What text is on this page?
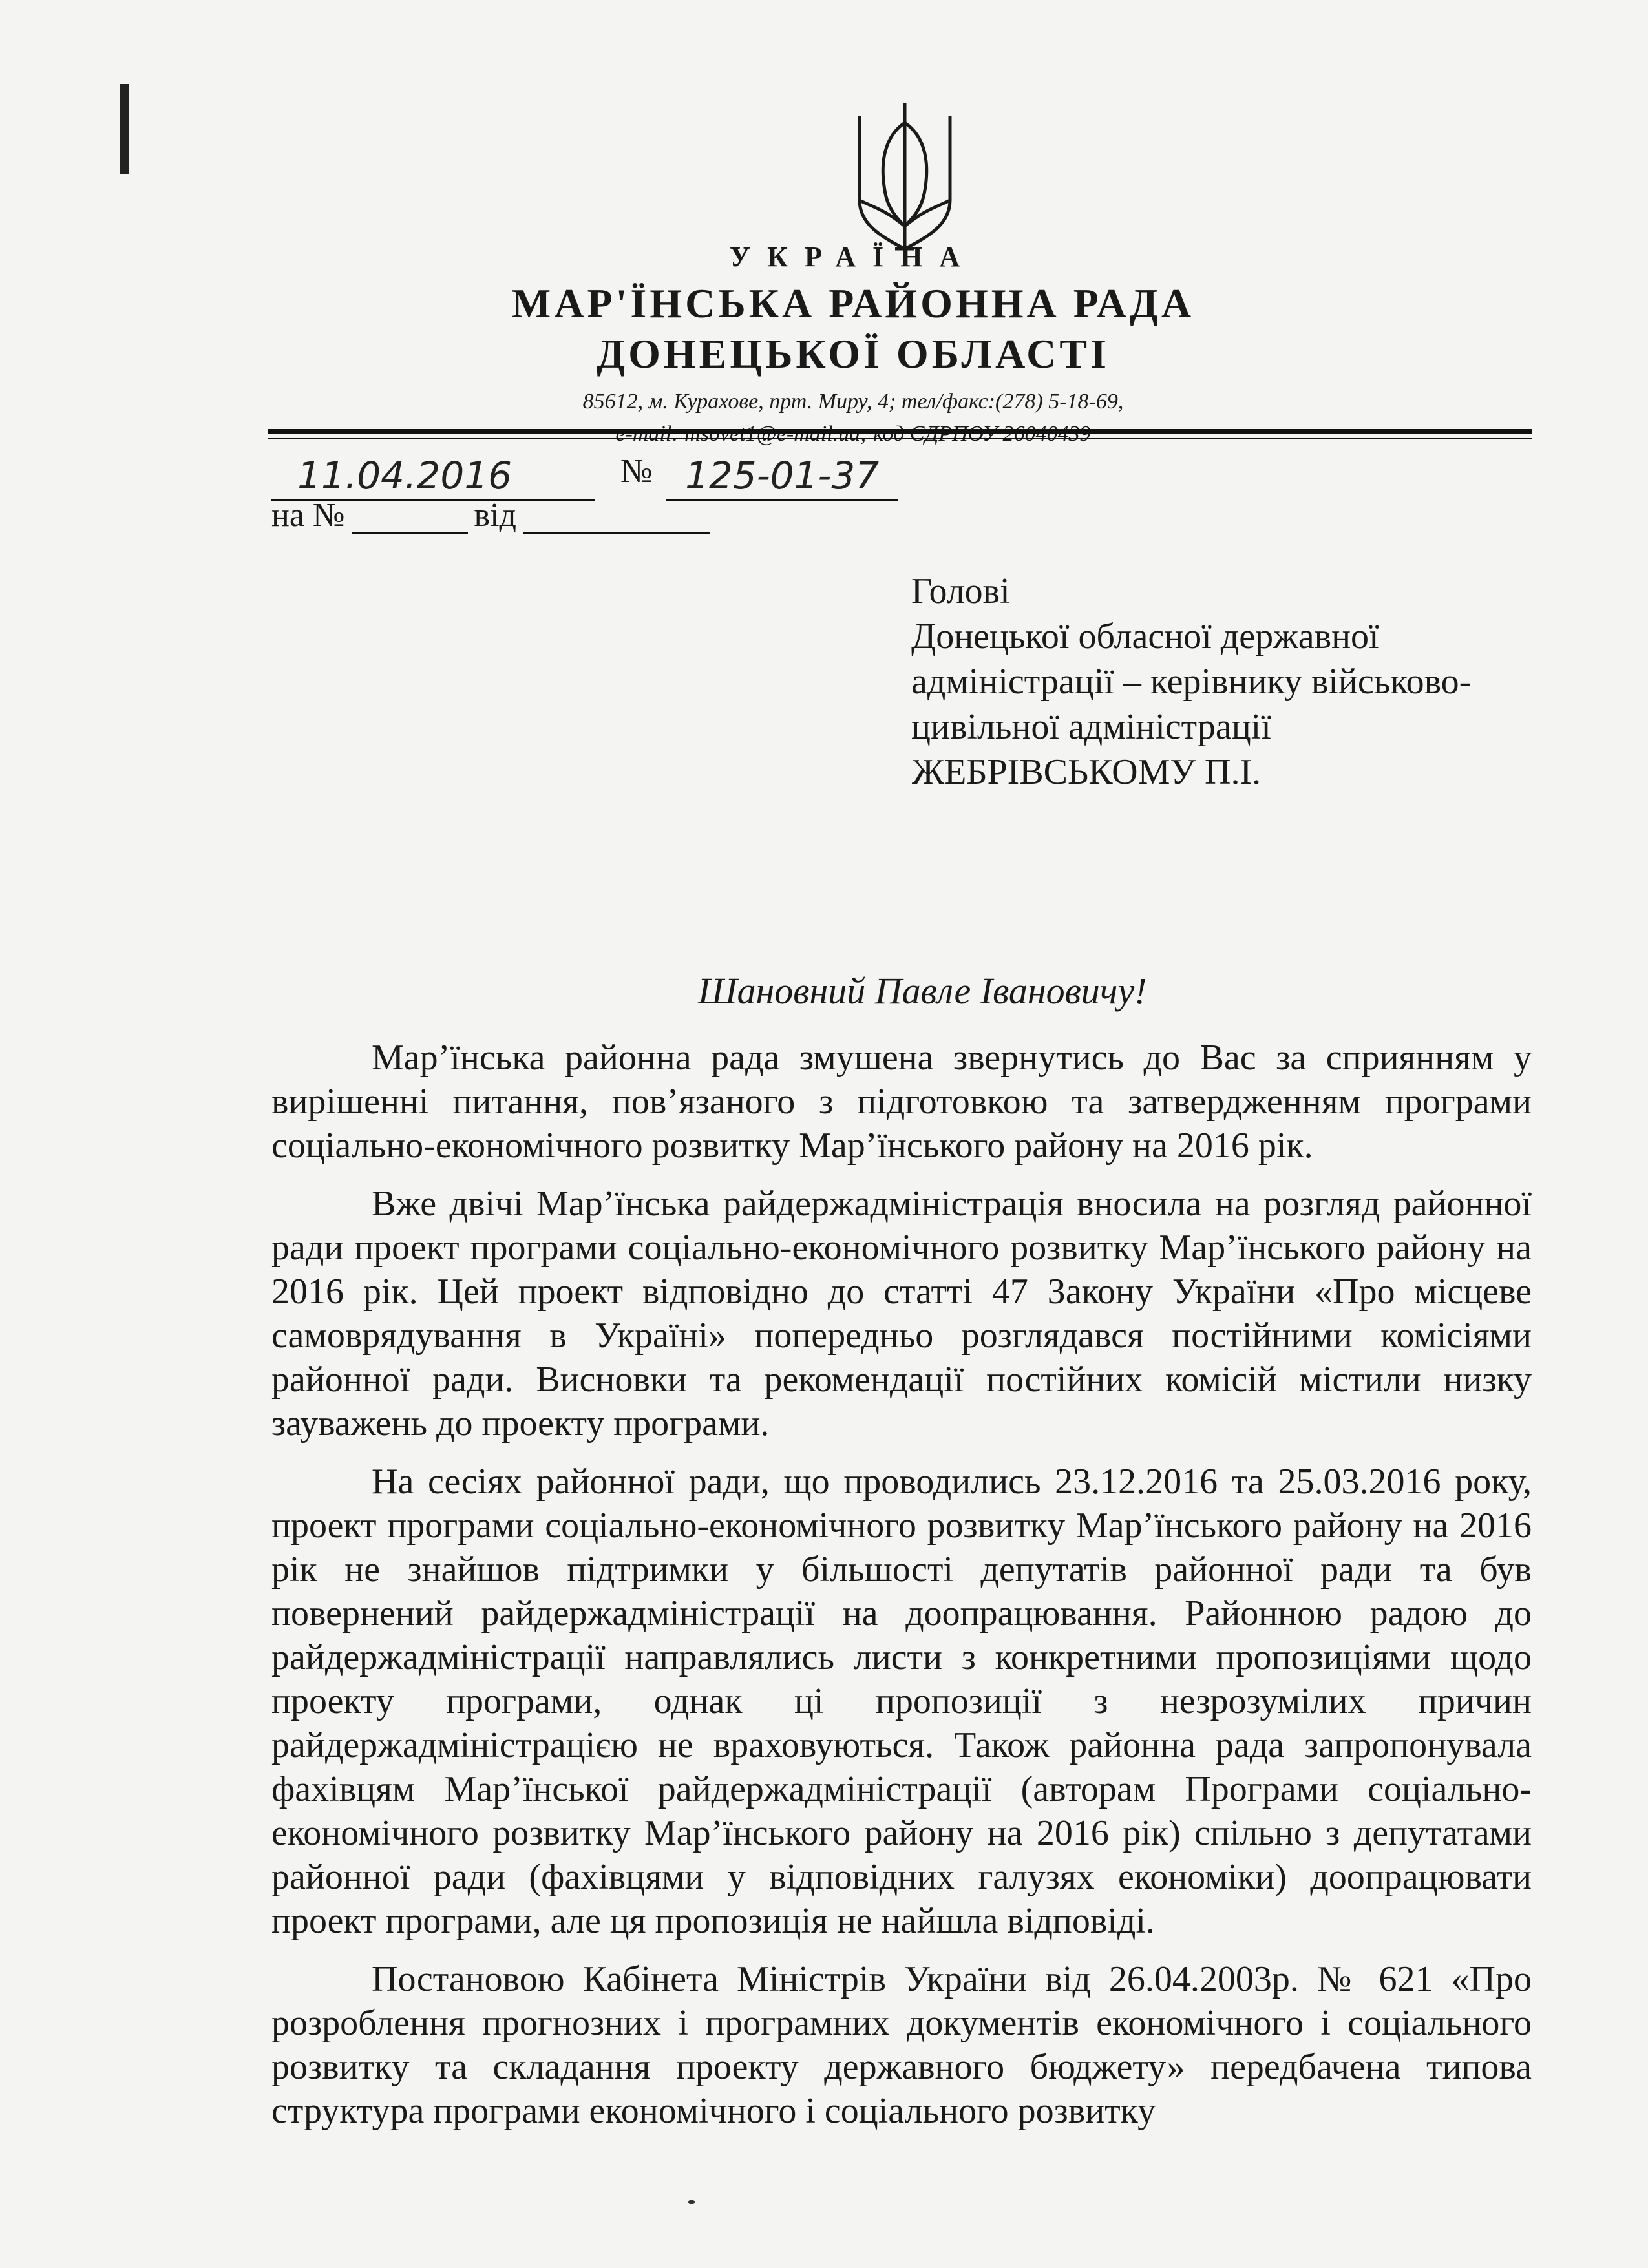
УКРАЇНА
МАР'ЇНСЬКА РАЙОННА РАДА
ДОНЕЦЬКОЇ ОБЛАСТІ
85612, м. Курахове, прт. Миру, 4; тел/факс:(278) 5-18-69,
11.04.2016	№ 125-01-37
на №	від
Голові
Донецької обласної державної
адміністрації – керівнику військово-
цивільної адміністрації
ЖЕБРІВСЬКОМУ П.І.
Шановний Павле Івановичу!

Мар’їнська районна рада змушена звернутись до Вас за сприянням у вирішенні питання, пов’язаного з підготовкою та затвердженням програми соціально-економічного розвитку Мар’їнського району на 2016 рік.

Вже двічі Мар’їнська райдержадміністрація вносила на розгляд районної ради проект програми соціально-економічного розвитку Мар’їнського району на 2016 рік. Цей проект відповідно до статті 47 Закону України «Про місцеве самоврядування в Україні» попередньо розглядався постійними комісіями районної ради. Висновки та рекомендації постійних комісій містили низку зауважень до проекту програми.

На сесіях районної ради, що проводились 23.12.2016 та 25.03.2016 року, проект програми соціально-економічного розвитку Мар’їнського району на 2016 рік не знайшов підтримки у більшості депутатів районної ради та був повернений райдержадміністрації на доопрацювання. Районною радою до райдержадміністрації направлялись листи з конкретними пропозиціями щодо проекту програми, однак ці пропозиції з незрозумілих причин райдержадміністрацією не враховуються. Також районна рада запропонувала фахівцям Мар’їнської райдержадміністрації (авторам Програми соціально-економічного розвитку Мар’їнського району на 2016 рік) спільно з депутатами районної ради (фахівцями у відповідних галузях економіки) доопрацювати проект програми, але ця пропозиція не найшла відповіді.

Постановою Кабінета Міністрів України від 26.04.2003р. № 621 «Про розроблення прогнозних і програмних документів економічного і соціального розвитку та складання проекту державного бюджету» передбачена типова структура програми економічного і соціального розвитку
